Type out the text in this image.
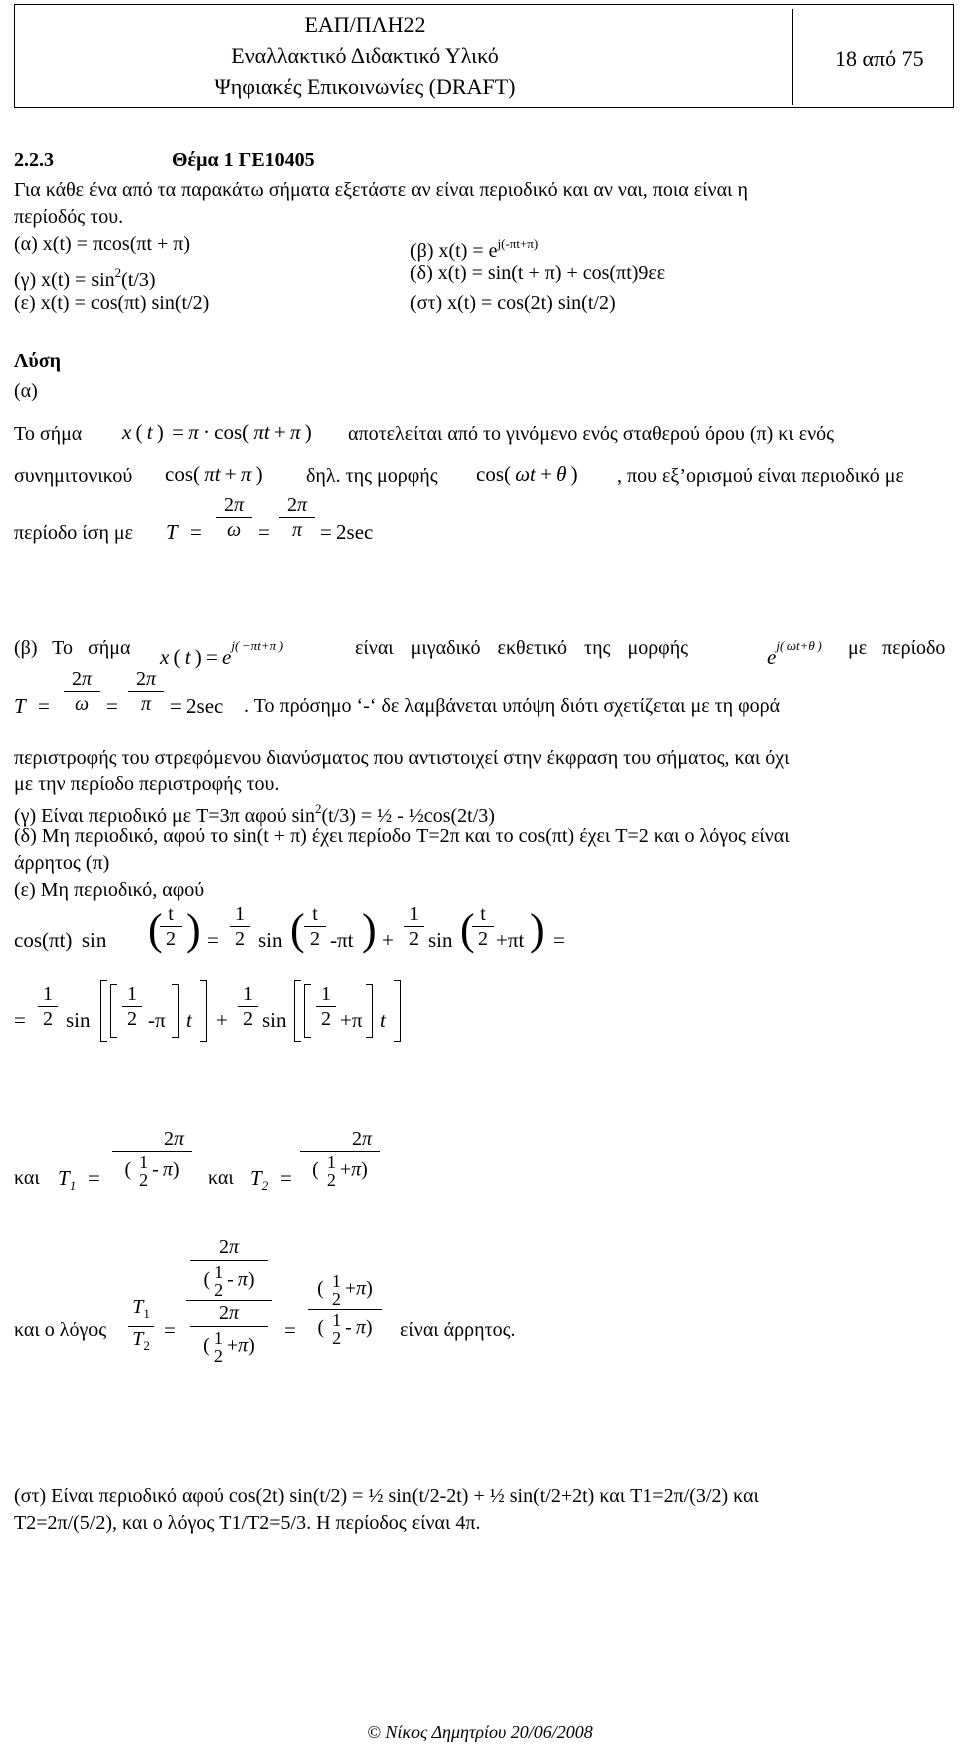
ΕΑΠ/ΠΛΗ22
Εναλλακτικό Διδακτικό Υλικό
Ψηφιακές Επικοινωνίες (DRAFT)
18 από 75
2.2.3	Θέμα 1 ΓΕ10405
Για κάθε ένα από τα παρακάτω σήματα εξετάστε αν είναι περιοδικό και αν ναι, ποια είναι η
περίοδός του.
(α) x(t) = πcos(πt + π)	(β) $x(t) = e^{j(-\pi t+\pi)}$
(γ) $x(t) = \sin^2(t/3)$	(δ) x(t) = sin(t + π) + cos(πt)9εε
(ε) x(t) = cos(πt) sin(t/2)	(στ) x(t) = cos(2t) sin(t/2)
Λύση
(α)
Το σήμα x ( t )  = π · cos( πt + π ) αποτελείται από το γινόμενο ενός σταθερού όρου (π) κι ενός
συνημιτονικού cos( πt + π ) δηλ. της μορφής cos( ωt + θ ) , που εξ’ορισμού είναι περιοδικό με
περίοδο ίση με T =
2π
ω =
2π
π = 2sec
(β) Το σήμα x ( t ) = $e^{j( -\pi t+\pi )}$	είναι μιγαδικό εκθετικό της μορφής	$e^{j( \omega t+\theta )}$ με περίοδο
T =
2π
ω =
2π
π = 2sec . Το πρόσημο ‘-‘ δε λαμβάνεται υπόψη διότι σχετίζεται με τη φορά
περιστροφής του στρεφόμενου διανύσματος που αντιστοιχεί στην έκφραση του σήματος, και όχι
με την περίοδο περιστροφής του.
(γ) Είναι περιοδικό με T=3π αφού $\sin^2(t/3)$ = ½ - ½cos(2t/3)
(δ) Μη περιοδικό, αφού το sin(t + π) έχει περίοδο T=2π και το cos(πt) έχει T=2 και ο λόγος είναι
άρρητος (π)
(ε) Μη περιοδικό, αφού
cos(πt)  sin ( t
2 ) =
1
2 sin ( t
2 -πt ) +
1
2 sin ( t
2 +πt ) =
=
1
2 sin
1
2 -π t +
1
2 sin
1
2 +π t
και $T_1$ =
2π
(  1
2 - π)	και $T_2$ =
2π
(  1
2 +π)
και ο λόγος
$T_1$
$T_2$
=
2π
( 1
2 - π)
2π
( 1
2 +π)
=
(  1
2 +π)
(  1
2 - π)	είναι άρρητος.
(στ) Είναι περιοδικό αφού cos(2t) sin(t/2) = ½ sin(t/2-2t) + ½ sin(t/2+2t) και T1=2π/(3/2) και
T2=2π/(5/2), και ο λόγος T1/T2=5/3. Η περίοδος είναι 4π.
© Νίκος Δημητρίου 20/06/2008
